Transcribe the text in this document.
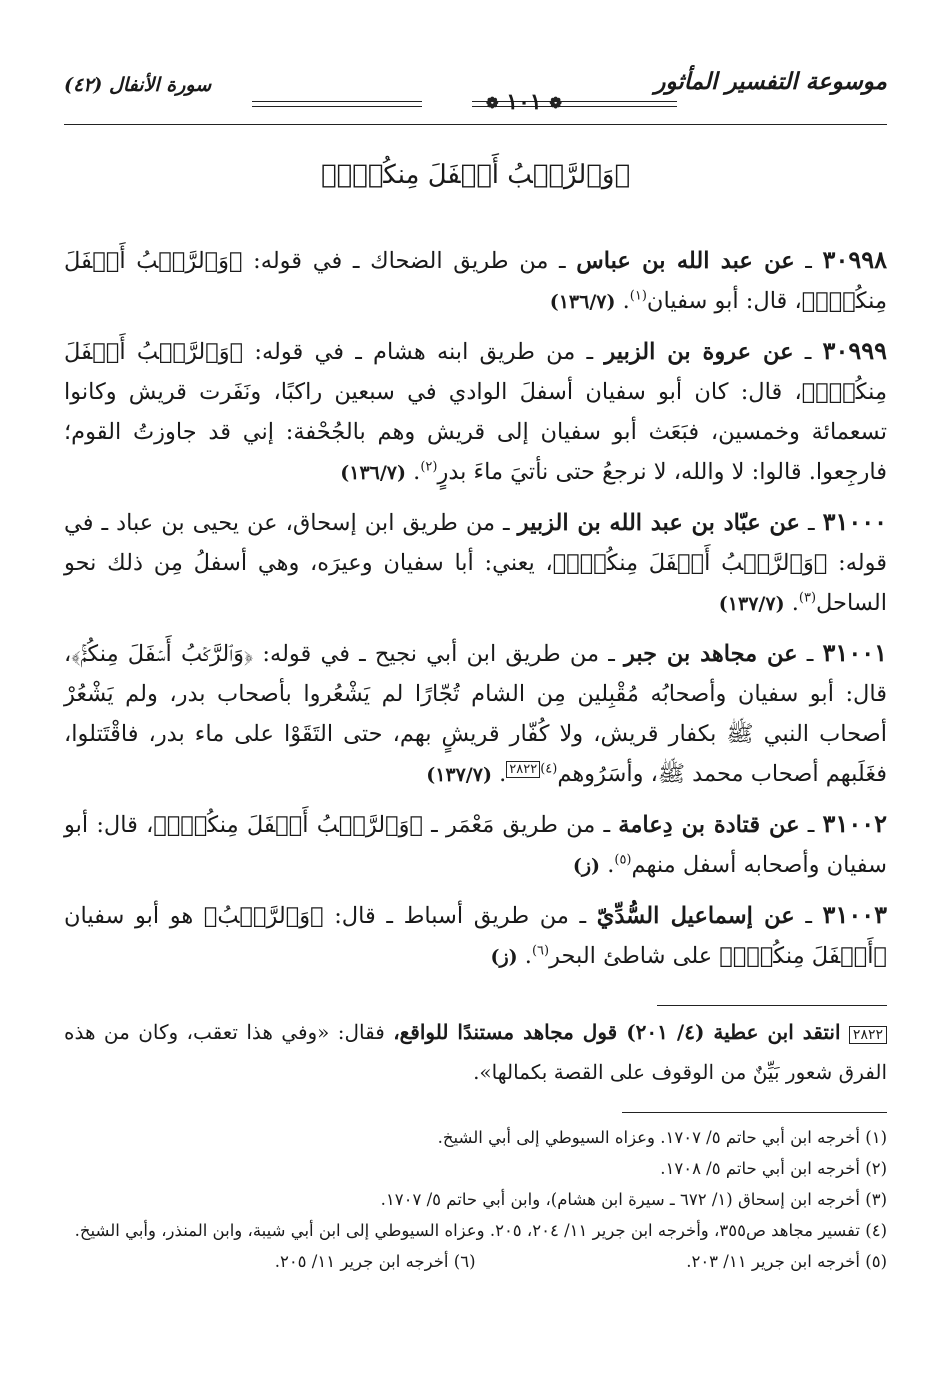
موسوعة التفسير المأثور
❁ ١٠١ ❁
سورة الأنفال (٤٢)
﴿وَٱلرَّكۡبُ أَسۡفَلَ مِنكُمۡۚ﴾

٣٠٩٩٨ ـ عن عبد الله بن عباس ـ من طريق الضحاك ـ في قوله: ﴿وَٱلرَّكۡبُ أَسۡفَلَ مِنكُمۡۚ﴾، قال: أبو سفيان$^{(١)}$. (١٣٦/٧)

٣٠٩٩٩ ـ عن عروة بن الزبير ـ من طريق ابنه هشام ـ في قوله: ﴿وَٱلرَّكۡبُ أَسۡفَلَ مِنكُمۡۚ﴾، قال: كان أبو سفيان أسفلَ الوادي في سبعين راكبًا، ونَفَرت قريش وكانوا تسعمائة وخمسين، فبَعَث أبو سفيان إلى قريش وهم بالجُحْفة: إني قد جاوزتُ القوم؛ فارجِعوا. قالوا: لا والله، لا نرجعُ حتى نأتيَ ماءَ بدرٍ$^{(٢)}$. (١٣٦/٧)

٣١٠٠٠ ـ عن عبّاد بن عبد الله بن الزبير ـ من طريق ابن إسحاق، عن يحيى بن عباد ـ في قوله: ﴿وَٱلرَّكۡبُ أَسۡفَلَ مِنكُمۡۚ﴾، يعني: أبا سفيان وعيرَه، وهي أسفلُ مِن ذلك نحو الساحل$^{(٣)}$. (١٣٧/٧)

٣١٠٠١ ـ عن مجاهد بن جبر ـ من طريق ابن أبي نجيح ـ في قوله: ﴿وَٱلرَّكۡبُ أَسۡفَلَ مِنكُمۡۚ﴾، قال: أبو سفيان وأصحابُه مُقْبِلين مِن الشام تُجّارًا لم يَشْعُروا بأصحاب بدر، ولم يَشْعُرْ أصحاب النبي ﷺ بكفار قريش، ولا كُفّار قريشٍ بهم، حتى التَقَوْا على ماء بدر، فاقْتَتلوا، فغَلَبهم أصحاب محمد ﷺ، وأسَرُوهم$^{(٤)٢٨٢٢}$. (١٣٧/٧)

٣١٠٠٢ ـ عن قتادة بن دِعامة ـ من طريق مَعْمَر ـ ﴿وَٱلرَّكۡبُ أَسۡفَلَ مِنكُمۡۚ﴾، قال: أبو سفيان وأصحابه أسفل منهم$^{(٥)}$. (ز)

٣١٠٠٣ ـ عن إسماعيل السُّدِّيّ ـ من طريق أسباط ـ قال: ﴿وَٱلرَّكۡبُ﴾ هو أبو سفيان ﴿أَسۡفَلَ مِنكُمۡۚ﴾ على شاطئ البحر$^{(٦)}$. (ز)

٢٨٢٢ انتقد ابن عطية (٤/ ٢٠١) قول مجاهد مستندًا للواقع، فقال: «وفي هذا تعقب، وكان من هذه الفرق شعور بَيِّنٌ من الوقوف على القصة بكمالها».

(١) أخرجه ابن أبي حاتم ٥/ ١٧٠٧. وعزاه السيوطي إلى أبي الشيخ.

(٢) أخرجه ابن أبي حاتم ٥/ ١٧٠٨.

(٣) أخرجه ابن إسحاق (١/ ٦٧٢ ـ سيرة ابن هشام)، وابن أبي حاتم ٥/ ١٧٠٧.

(٤) تفسير مجاهد ص٣٥٥، وأخرجه ابن جرير ١١/ ٢٠٤، ٢٠٥. وعزاه السيوطي إلى ابن أبي شيبة، وابن المنذر، وأبي الشيخ.

(٥) أخرجه ابن جرير ١١/ ٢٠٣.

(٦) أخرجه ابن جرير ١١/ ٢٠٥.
